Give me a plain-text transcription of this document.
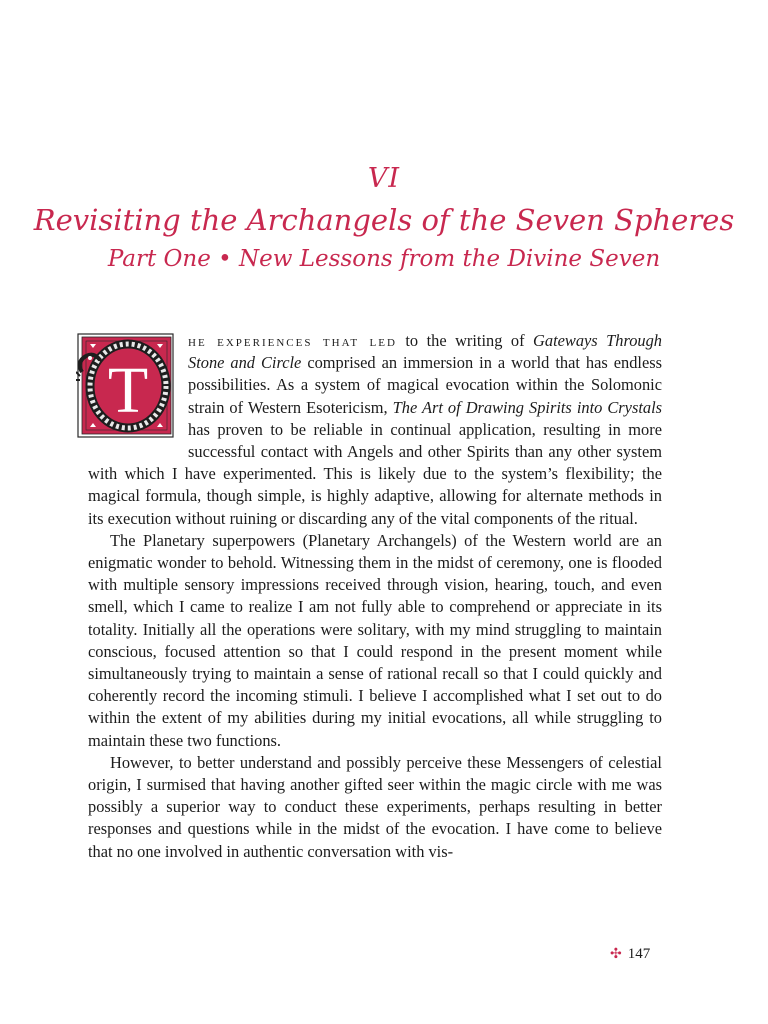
VI
Revisiting the Archangels of the Seven Spheres
Part One • New Lessons from the Divine Seven

T
he experiences that led to the writing of Gateways Through Stone and Circle comprised an immersion in a world that has endless possibilities. As a system of magical evocation within the Solomonic strain of Western Esotericism, The Art of Drawing Spirits into Crystals has proven to be reliable in continual application, resulting in more successful contact with Angels and other Spirits than any other system with which I have experimented. This is likely due to the system’s flexibility; the magical formula, though simple, is highly adaptive, allowing for alternate methods in its execution without ruining or discarding any of the vital components of the ritual.

The Planetary superpowers (Planetary Archangels) of the Western world are an enigmatic wonder to behold. Witnessing them in the midst of ceremony, one is flooded with multiple sensory impressions received through vision, hearing, touch, and even smell, which I came to realize I am not fully able to comprehend or appreciate in its totality. Initially all the operations were solitary, with my mind struggling to maintain conscious, focused attention so that I could respond in the present moment while simultaneously trying to maintain a sense of rational recall so that I could quickly and coherently record the incoming stimuli. I believe I accomplished what I set out to do within the extent of my abilities during my initial evocations, all while struggling to maintain these two functions.

However, to better understand and possibly perceive these Messengers of celestial origin, I surmised that having another gifted seer within the magic circle with me was possibly a superior way to conduct these experiments, perhaps resulting in better responses and questions while in the midst of the evocation. I have come to believe that no one involved in authentic conversation with vis-

✣ 147
